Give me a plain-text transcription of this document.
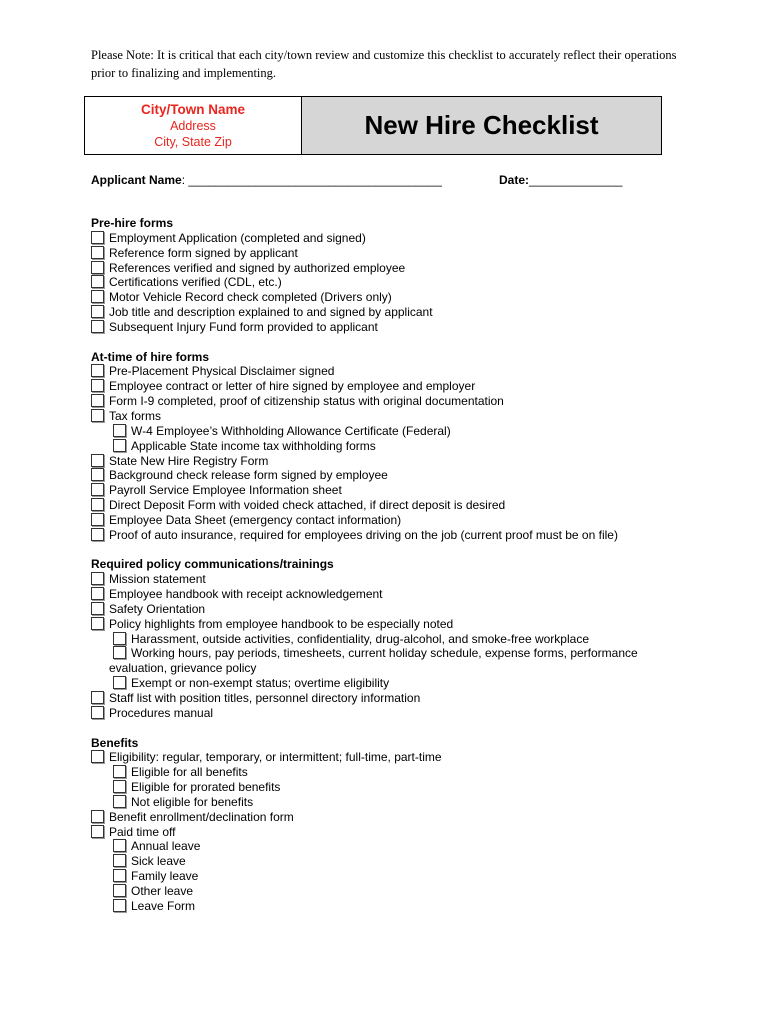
Please Note: It is critical that each city/town review and customize this checklist to accurately reflect their operations prior to finalizing and implementing.
City/Town Name
Address
City, State Zip
New Hire Checklist
Applicant Name: ______________________________________	Date:______________
Pre-hire forms
Employment Application (completed and signed)
Reference form signed by applicant
References verified and signed by authorized employee
Certifications verified (CDL, etc.)
Motor Vehicle Record check completed (Drivers only)
Job title and description explained to and signed by applicant
Subsequent Injury Fund form provided to applicant
At-time of hire forms
Pre-Placement Physical Disclaimer signed
Employee contract or letter of hire signed by employee and employer
Form I-9 completed, proof of citizenship status with original documentation
Tax forms
W-4 Employee’s Withholding Allowance Certificate (Federal)
Applicable State income tax withholding forms
State New Hire Registry Form
Background check release form signed by employee
Payroll Service Employee Information sheet
Direct Deposit Form with voided check attached, if direct deposit is desired
Employee Data Sheet (emergency contact information)
Proof of auto insurance, required for employees driving on the job (current proof must be on file)
Required policy communications/trainings
Mission statement
Employee handbook with receipt acknowledgement
Safety Orientation
Policy highlights from employee handbook to be especially noted
Harassment, outside activities, confidentiality, drug-alcohol, and smoke-free workplace
Working hours, pay periods, timesheets, current holiday schedule, expense forms, performance
evaluation, grievance policy
Exempt or non-exempt status; overtime eligibility
Staff list with position titles, personnel directory information
Procedures manual
Benefits
Eligibility: regular, temporary, or intermittent; full-time, part-time
Eligible for all benefits
Eligible for prorated benefits
Not eligible for benefits
Benefit enrollment/declination form
Paid time off
Annual leave
Sick leave
Family leave
Other leave
Leave Form
